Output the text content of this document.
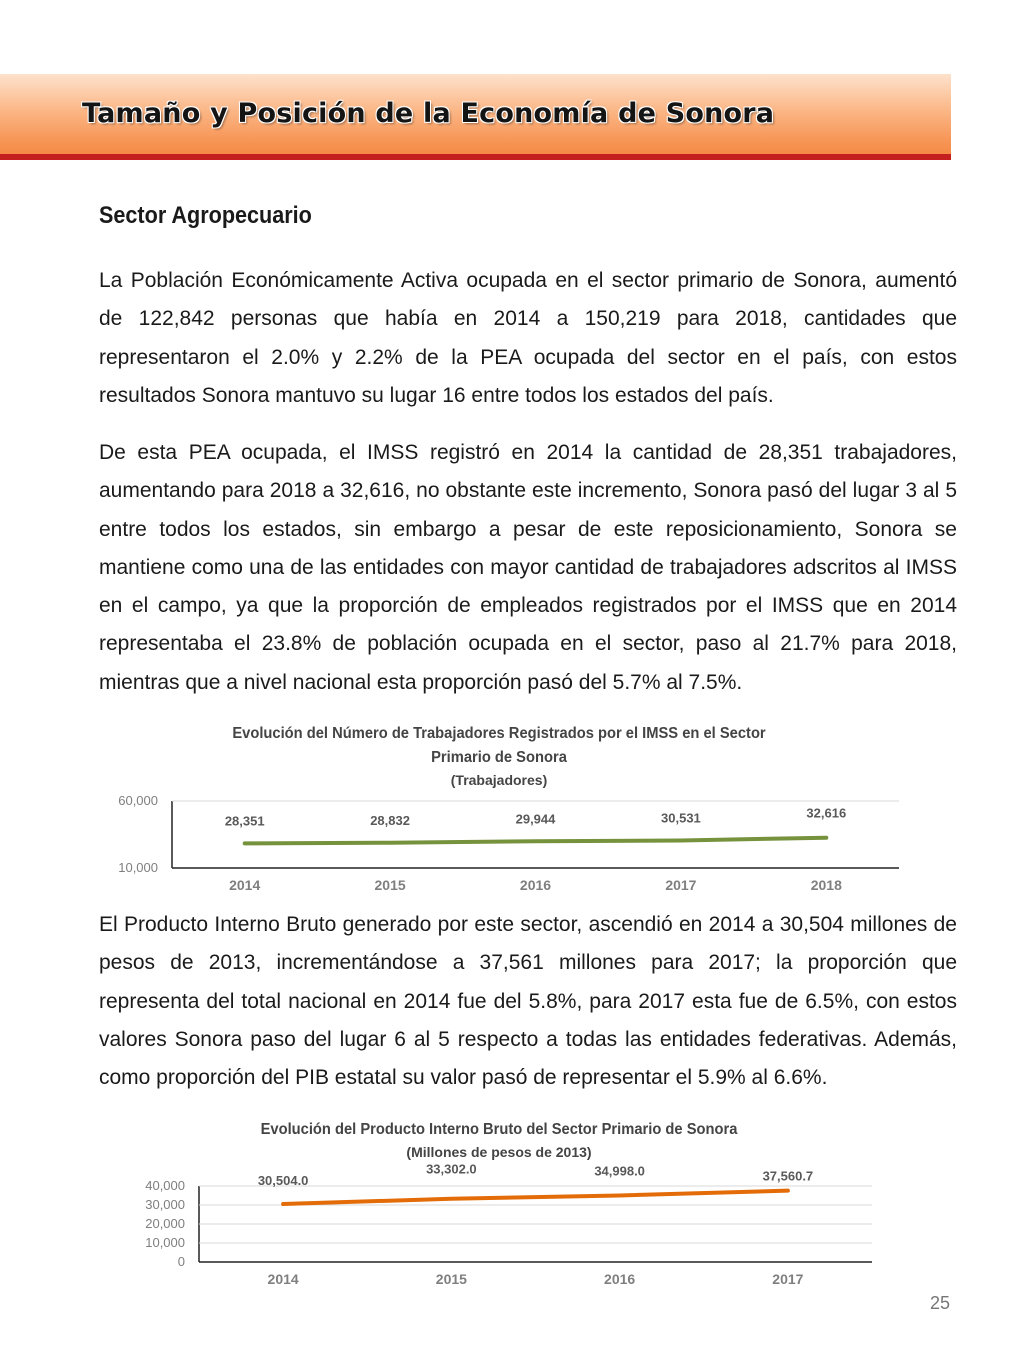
Tamaño y Posición de la Economía de Sonora
Sector Agropecuario

La Población Económicamente Activa ocupada en el sector primario de Sonora, aumentó de 122,842 personas que había en 2014 a 150,219 para 2018, cantidades que representaron el 2.0% y 2.2% de la PEA ocupada del sector en el país, con estos resultados Sonora mantuvo su lugar 16 entre todos los estados del país.

De esta PEA ocupada, el IMSS registró en 2014 la cantidad de 28,351 trabajadores, aumentando para 2018 a 32,616, no obstante este incremento, Sonora pasó del lugar 3 al 5 entre todos los estados, sin embargo a pesar de este reposicionamiento, Sonora se mantiene como una de las entidades con mayor cantidad de trabajadores adscritos al IMSS en el campo, ya que la proporción de empleados registrados por el IMSS que en 2014 representaba el 23.8% de población ocupada en el sector, paso al 21.7% para 2018, mientras que a nivel nacional esta proporción pasó del 5.7% al 7.5%.

Evolución del Número de Trabajadores Registrados por el IMSS en el Sector Primario de Sonora

(Trabajadores)

60,000
10,000
2014	2015	2016	2017	2018
28,351	28,832	29,944	30,531	32,616

El Producto Interno Bruto generado por este sector, ascendió en 2014 a 30,504 millones de pesos de 2013, incrementándose a 37,561 millones para 2017; la proporción que representa del total nacional en 2014 fue del 5.8%, para 2017 esta fue de 6.5%, con estos valores Sonora paso del lugar 6 al 5 respecto a todas las entidades federativas. Además, como proporción del PIB estatal su valor pasó de representar el 5.9% al 6.6%.

Evolución del Producto Interno Bruto del Sector Primario de Sonora

(Millones de pesos de 2013)

40,000
30,000
20,000
10,000
0
2014	2015	2016	2017
30,504.0
33,302.0	34,998.0	37,560.7
25
